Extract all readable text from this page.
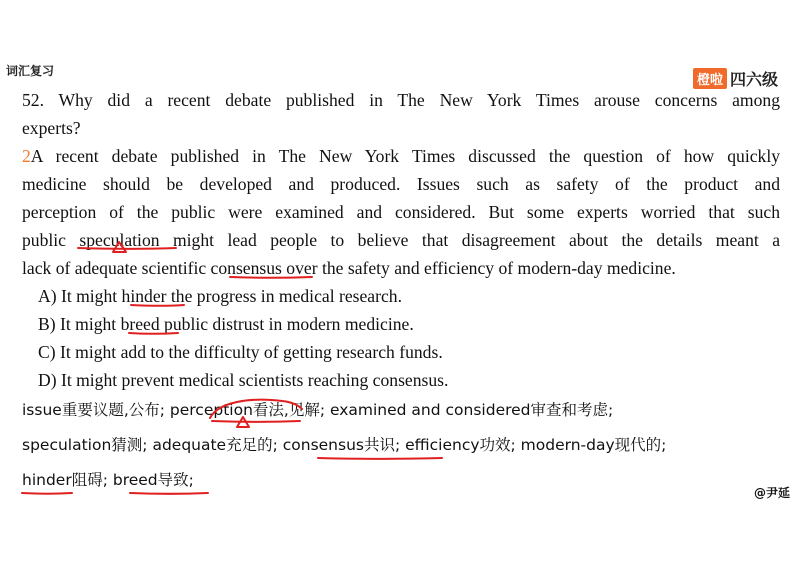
词汇复习
橙啦 四六级
52. Why did a recent debate published in The New York Times arouse concerns among
experts?
2A recent debate published in The New York Times discussed the question of how quickly
medicine should be developed and produced. Issues such as safety of the product and
perception of the public were examined and considered. But some experts worried that such
public speculation might lead people to believe that disagreement about the details meant a
lack of adequate scientific consensus over the safety and efficiency of modern-day medicine.
A) It might hinder the progress in medical research.
B) It might breed public distrust in modern medicine.
C) It might add to the difficulty of getting research funds.
D) It might prevent medical scientists reaching consensus.
issue重要议题,公布; perception看法,见解; examined and considered审查和考虑;
speculation猜测; adequate充足的; consensus共识; efficiency功效; modern-day现代的;
hinder阻碍; breed导致;
@尹延
